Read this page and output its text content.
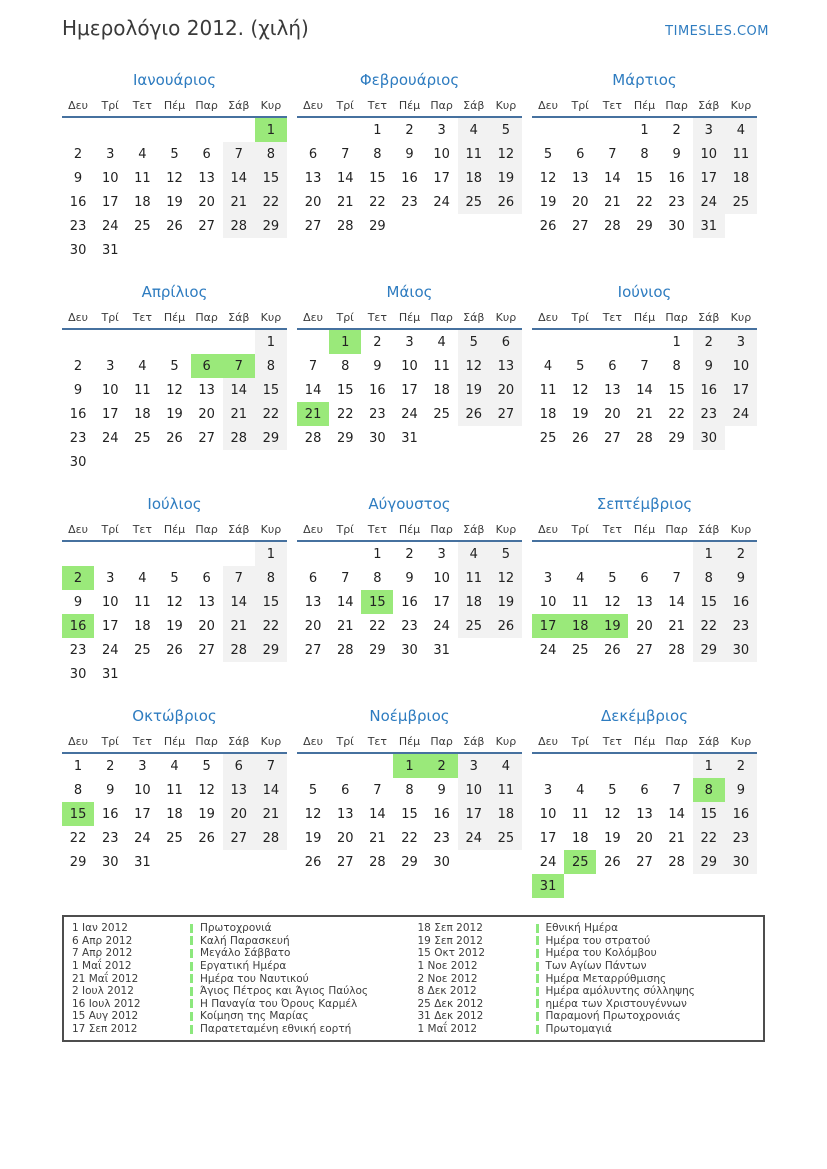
Ημερολόγιο 2012. (χιλή)	TIMESLES.COM
Ιανουάριος
Δευ	Τρί	Τετ	Πέμ	Παρ	Σάβ	Κυρ
						1
2	3	4	5	6	7	8
9	10	11	12	13	14	15
16	17	18	19	20	21	22
23	24	25	26	27	28	29
30	31					
Φεβρουάριος
Δευ	Τρί	Τετ	Πέμ	Παρ	Σάβ	Κυρ
		1	2	3	4	5
6	7	8	9	10	11	12
13	14	15	16	17	18	19
20	21	22	23	24	25	26
27	28	29				
Μάρτιος
Δευ	Τρί	Τετ	Πέμ	Παρ	Σάβ	Κυρ
			1	2	3	4
5	6	7	8	9	10	11
12	13	14	15	16	17	18
19	20	21	22	23	24	25
26	27	28	29	30	31	
Απρίλιος
Δευ	Τρί	Τετ	Πέμ	Παρ	Σάβ	Κυρ
						1
2	3	4	5	6	7	8
9	10	11	12	13	14	15
16	17	18	19	20	21	22
23	24	25	26	27	28	29
30						
Μάιος
Δευ	Τρί	Τετ	Πέμ	Παρ	Σάβ	Κυρ
	1	2	3	4	5	6
7	8	9	10	11	12	13
14	15	16	17	18	19	20
21	22	23	24	25	26	27
28	29	30	31			
Ιούνιος
Δευ	Τρί	Τετ	Πέμ	Παρ	Σάβ	Κυρ
				1	2	3
4	5	6	7	8	9	10
11	12	13	14	15	16	17
18	19	20	21	22	23	24
25	26	27	28	29	30	
Ιούλιος
Δευ	Τρί	Τετ	Πέμ	Παρ	Σάβ	Κυρ
						1
2	3	4	5	6	7	8
9	10	11	12	13	14	15
16	17	18	19	20	21	22
23	24	25	26	27	28	29
30	31					
Αύγουστος
Δευ	Τρί	Τετ	Πέμ	Παρ	Σάβ	Κυρ
		1	2	3	4	5
6	7	8	9	10	11	12
13	14	15	16	17	18	19
20	21	22	23	24	25	26
27	28	29	30	31		
Σεπτέμβριος
Δευ	Τρί	Τετ	Πέμ	Παρ	Σάβ	Κυρ
					1	2
3	4	5	6	7	8	9
10	11	12	13	14	15	16
17	18	19	20	21	22	23
24	25	26	27	28	29	30
Οκτώβριος
Δευ	Τρί	Τετ	Πέμ	Παρ	Σάβ	Κυρ
1	2	3	4	5	6	7
8	9	10	11	12	13	14
15	16	17	18	19	20	21
22	23	24	25	26	27	28
29	30	31				
Νοέμβριος
Δευ	Τρί	Τετ	Πέμ	Παρ	Σάβ	Κυρ
			1	2	3	4
5	6	7	8	9	10	11
12	13	14	15	16	17	18
19	20	21	22	23	24	25
26	27	28	29	30		
Δεκέμβριος
Δευ	Τρί	Τετ	Πέμ	Παρ	Σάβ	Κυρ
					1	2
3	4	5	6	7	8	9
10	11	12	13	14	15	16
17	18	19	20	21	22	23
24	25	26	27	28	29	30
31						
1 Ιαν 2012	Πρωτοχρονιά
6 Απρ 2012	Καλή Παρασκευή
7 Απρ 2012	Μεγάλο Σάββατο
1 Μαΐ 2012	Εργατική Ημέρα
21 Μαΐ 2012	Ημέρα του Ναυτικού
2 Ιουλ 2012	Άγιος Πέτρος και Άγιος Παύλος
16 Ιουλ 2012	Η Παναγία του Όρους Καρμέλ
15 Αυγ 2012	Κοίμηση της Μαρίας
17 Σεπ 2012	Παρατεταμένη εθνική εορτή
18 Σεπ 2012	Εθνική Ημέρα
19 Σεπ 2012	Ημέρα του στρατού
15 Οκτ 2012	Ημέρα του Κολόμβου
1 Νοε 2012	Των Αγίων Πάντων
2 Νοε 2012	Ημέρα Μεταρρύθμισης
8 Δεκ 2012	Ημέρα αμόλυντης σύλληψης
25 Δεκ 2012	ημέρα των Χριστουγέννων
31 Δεκ 2012	Παραμονή Πρωτοχρονιάς
1 Μαΐ 2012	Πρωτομαγιά
